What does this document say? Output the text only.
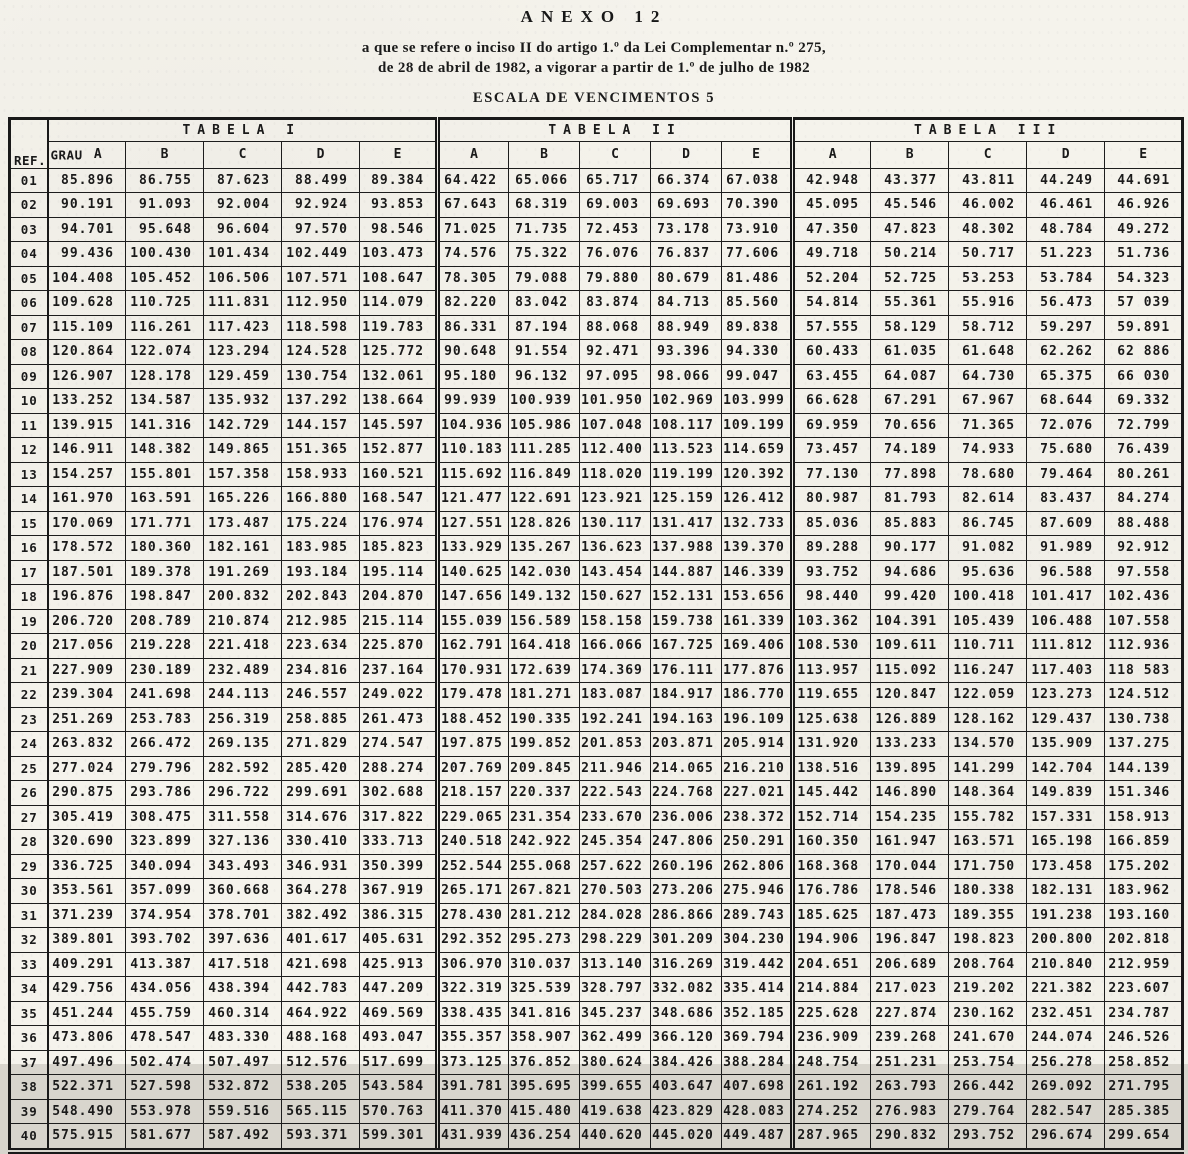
ANEXO 12
a que se refere o inciso II do artigo 1.º da Lei Complementar n.º 275,
de 28 de abril de 1982, a vigorar a partir de 1.º de julho de 1982
ESCALA DE VENCIMENTOS 5
REF.	TABELA I					TABELA II					TABELA III				

	GRAU A	B	C	D	E	A	B	C	D	E	A	B	C	D	E
01	85.896	86.755	87.623	88.499	89.384	64.422	65.066	65.717	66.374	67.038	42.948	43.377	43.811	44.249	44.691
02	90.191	91.093	92.004	92.924	93.853	67.643	68.319	69.003	69.693	70.390	45.095	45.546	46.002	46.461	46.926
03	94.701	95.648	96.604	97.570	98.546	71.025	71.735	72.453	73.178	73.910	47.350	47.823	48.302	48.784	49.272
04	99.436	100.430	101.434	102.449	103.473	74.576	75.322	76.076	76.837	77.606	49.718	50.214	50.717	51.223	51.736
05	104.408	105.452	106.506	107.571	108.647	78.305	79.088	79.880	80.679	81.486	52.204	52.725	53.253	53.784	54.323
06	109.628	110.725	111.831	112.950	114.079	82.220	83.042	83.874	84.713	85.560	54.814	55.361	55.916	56.473	57 039
07	115.109	116.261	117.423	118.598	119.783	86.331	87.194	88.068	88.949	89.838	57.555	58.129	58.712	59.297	59.891
08	120.864	122.074	123.294	124.528	125.772	90.648	91.554	92.471	93.396	94.330	60.433	61.035	61.648	62.262	62 886
09	126.907	128.178	129.459	130.754	132.061	95.180	96.132	97.095	98.066	99.047	63.455	64.087	64.730	65.375	66 030
10	133.252	134.587	135.932	137.292	138.664	99.939	100.939	101.950	102.969	103.999	66.628	67.291	67.967	68.644	69.332
11	139.915	141.316	142.729	144.157	145.597	104.936	105.986	107.048	108.117	109.199	69.959	70.656	71.365	72.076	72.799
12	146.911	148.382	149.865	151.365	152.877	110.183	111.285	112.400	113.523	114.659	73.457	74.189	74.933	75.680	76.439
13	154.257	155.801	157.358	158.933	160.521	115.692	116.849	118.020	119.199	120.392	77.130	77.898	78.680	79.464	80.261
14	161.970	163.591	165.226	166.880	168.547	121.477	122.691	123.921	125.159	126.412	80.987	81.793	82.614	83.437	84.274
15	170.069	171.771	173.487	175.224	176.974	127.551	128.826	130.117	131.417	132.733	85.036	85.883	86.745	87.609	88.488
16	178.572	180.360	182.161	183.985	185.823	133.929	135.267	136.623	137.988	139.370	89.288	90.177	91.082	91.989	92.912
17	187.501	189.378	191.269	193.184	195.114	140.625	142.030	143.454	144.887	146.339	93.752	94.686	95.636	96.588	97.558
18	196.876	198.847	200.832	202.843	204.870	147.656	149.132	150.627	152.131	153.656	98.440	99.420	100.418	101.417	102.436
19	206.720	208.789	210.874	212.985	215.114	155.039	156.589	158.158	159.738	161.339	103.362	104.391	105.439	106.488	107.558
20	217.056	219.228	221.418	223.634	225.870	162.791	164.418	166.066	167.725	169.406	108.530	109.611	110.711	111.812	112.936
21	227.909	230.189	232.489	234.816	237.164	170.931	172.639	174.369	176.111	177.876	113.957	115.092	116.247	117.403	118 583
22	239.304	241.698	244.113	246.557	249.022	179.478	181.271	183.087	184.917	186.770	119.655	120.847	122.059	123.273	124.512
23	251.269	253.783	256.319	258.885	261.473	188.452	190.335	192.241	194.163	196.109	125.638	126.889	128.162	129.437	130.738
24	263.832	266.472	269.135	271.829	274.547	197.875	199.852	201.853	203.871	205.914	131.920	133.233	134.570	135.909	137.275
25	277.024	279.796	282.592	285.420	288.274	207.769	209.845	211.946	214.065	216.210	138.516	139.895	141.299	142.704	144.139
26	290.875	293.786	296.722	299.691	302.688	218.157	220.337	222.543	224.768	227.021	145.442	146.890	148.364	149.839	151.346
27	305.419	308.475	311.558	314.676	317.822	229.065	231.354	233.670	236.006	238.372	152.714	154.235	155.782	157.331	158.913
28	320.690	323.899	327.136	330.410	333.713	240.518	242.922	245.354	247.806	250.291	160.350	161.947	163.571	165.198	166.859
29	336.725	340.094	343.493	346.931	350.399	252.544	255.068	257.622	260.196	262.806	168.368	170.044	171.750	173.458	175.202
30	353.561	357.099	360.668	364.278	367.919	265.171	267.821	270.503	273.206	275.946	176.786	178.546	180.338	182.131	183.962
31	371.239	374.954	378.701	382.492	386.315	278.430	281.212	284.028	286.866	289.743	185.625	187.473	189.355	191.238	193.160
32	389.801	393.702	397.636	401.617	405.631	292.352	295.273	298.229	301.209	304.230	194.906	196.847	198.823	200.800	202.818
33	409.291	413.387	417.518	421.698	425.913	306.970	310.037	313.140	316.269	319.442	204.651	206.689	208.764	210.840	212.959
34	429.756	434.056	438.394	442.783	447.209	322.319	325.539	328.797	332.082	335.414	214.884	217.023	219.202	221.382	223.607
35	451.244	455.759	460.314	464.922	469.569	338.435	341.816	345.237	348.686	352.185	225.628	227.874	230.162	232.451	234.787
36	473.806	478.547	483.330	488.168	493.047	355.357	358.907	362.499	366.120	369.794	236.909	239.268	241.670	244.074	246.526
37	497.496	502.474	507.497	512.576	517.699	373.125	376.852	380.624	384.426	388.284	248.754	251.231	253.754	256.278	258.852
38	522.371	527.598	532.872	538.205	543.584	391.781	395.695	399.655	403.647	407.698	261.192	263.793	266.442	269.092	271.795
39	548.490	553.978	559.516	565.115	570.763	411.370	415.480	419.638	423.829	428.083	274.252	276.983	279.764	282.547	285.385
40	575.915	581.677	587.492	593.371	599.301	431.939	436.254	440.620	445.020	449.487	287.965	290.832	293.752	296.674	299.654
